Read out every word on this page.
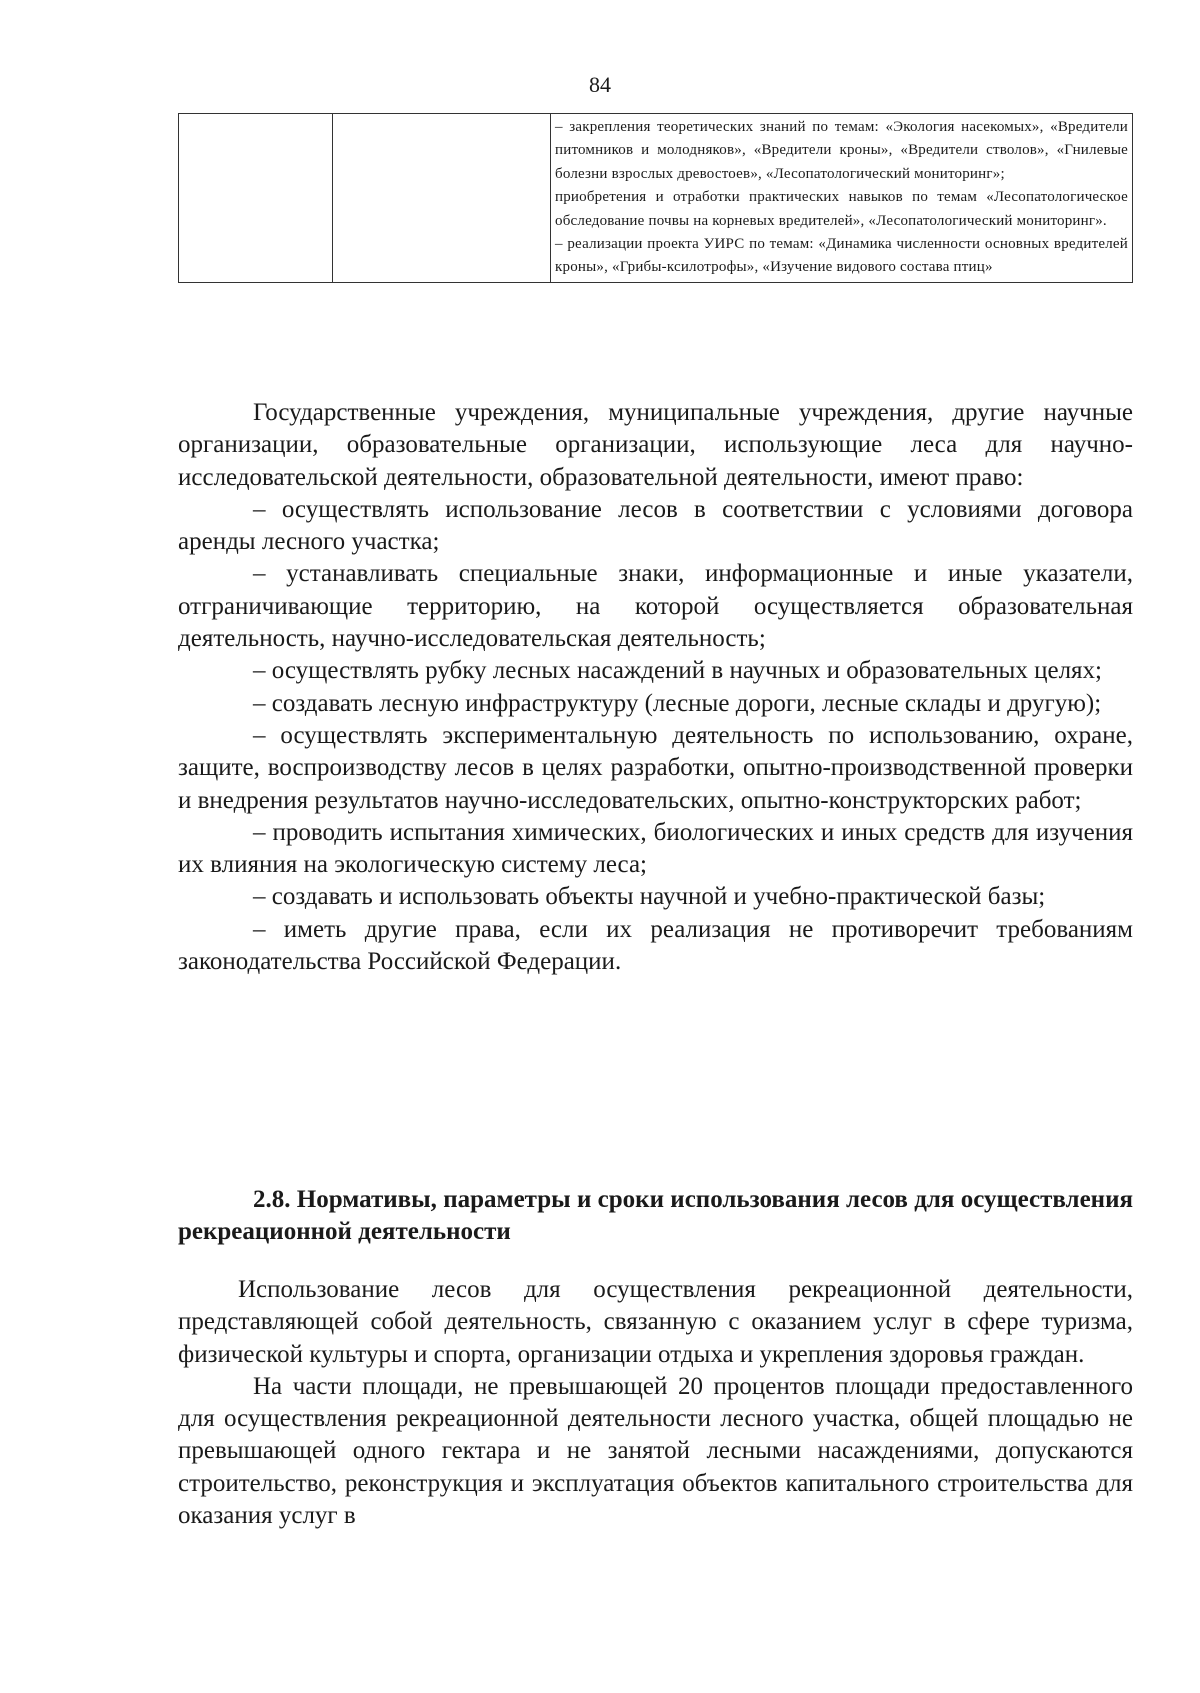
84

– закрепления теоретических знаний по темам: «Экология насекомых», «Вредители питомников и молодняков», «Вредители кроны», «Вредители стволов», «Гнилевые болезни взрослых древостоев», «Лесопатологический мониторинг»;

приобретения и отработки практических навыков по темам «Лесопатологическое обследование почвы на корневых вредителей», «Лесопатологический мониторинг».

– реализации проекта УИРС по темам: «Динамика численности основных вредителей кроны», «Грибы-ксилотрофы», «Изучение видового состава птиц»

Государственные учреждения, муниципальные учреждения, другие научные организации, образовательные организации, использующие леса для научно-исследовательской деятельности, образовательной деятельности, имеют право:

– осуществлять использование лесов в соответствии с условиями договора аренды лесного участка;

– устанавливать специальные знаки, информационные и иные указатели, отграничивающие территорию, на которой осуществляется образовательная деятельность, научно-исследовательская деятельность;

– осуществлять рубку лесных насаждений в научных и образовательных целях;

– создавать лесную инфраструктуру (лесные дороги, лесные склады и другую);

– осуществлять экспериментальную деятельность по использованию, охране, защите, воспроизводству лесов в целях разработки, опытно-производственной проверки и внедрения результатов научно-исследовательских, опытно-конструкторских работ;

– проводить испытания химических, биологических и иных средств для изучения их влияния на экологическую систему леса;

– создавать и использовать объекты научной и учебно-практической базы;

– иметь другие права, если их реализация не противоречит требованиям законодательства Российской Федерации.

2.8. Нормативы, параметры и сроки использования лесов для осуществления рекреационной деятельности

Использование лесов для осуществления рекреационной деятельности, представляющей собой деятельность, связанную с оказанием услуг в сфере туризма, физической культуры и спорта, организации отдыха и укрепления здоровья граждан.

На части площади, не превышающей 20 процентов площади предоставленного для осуществления рекреационной деятельности лесного участка, общей площадью не превышающей одного гектара и не занятой лесными насаждениями, допускаются строительство, реконструкция и эксплуатация объектов капитального строительства для оказания услуг в
